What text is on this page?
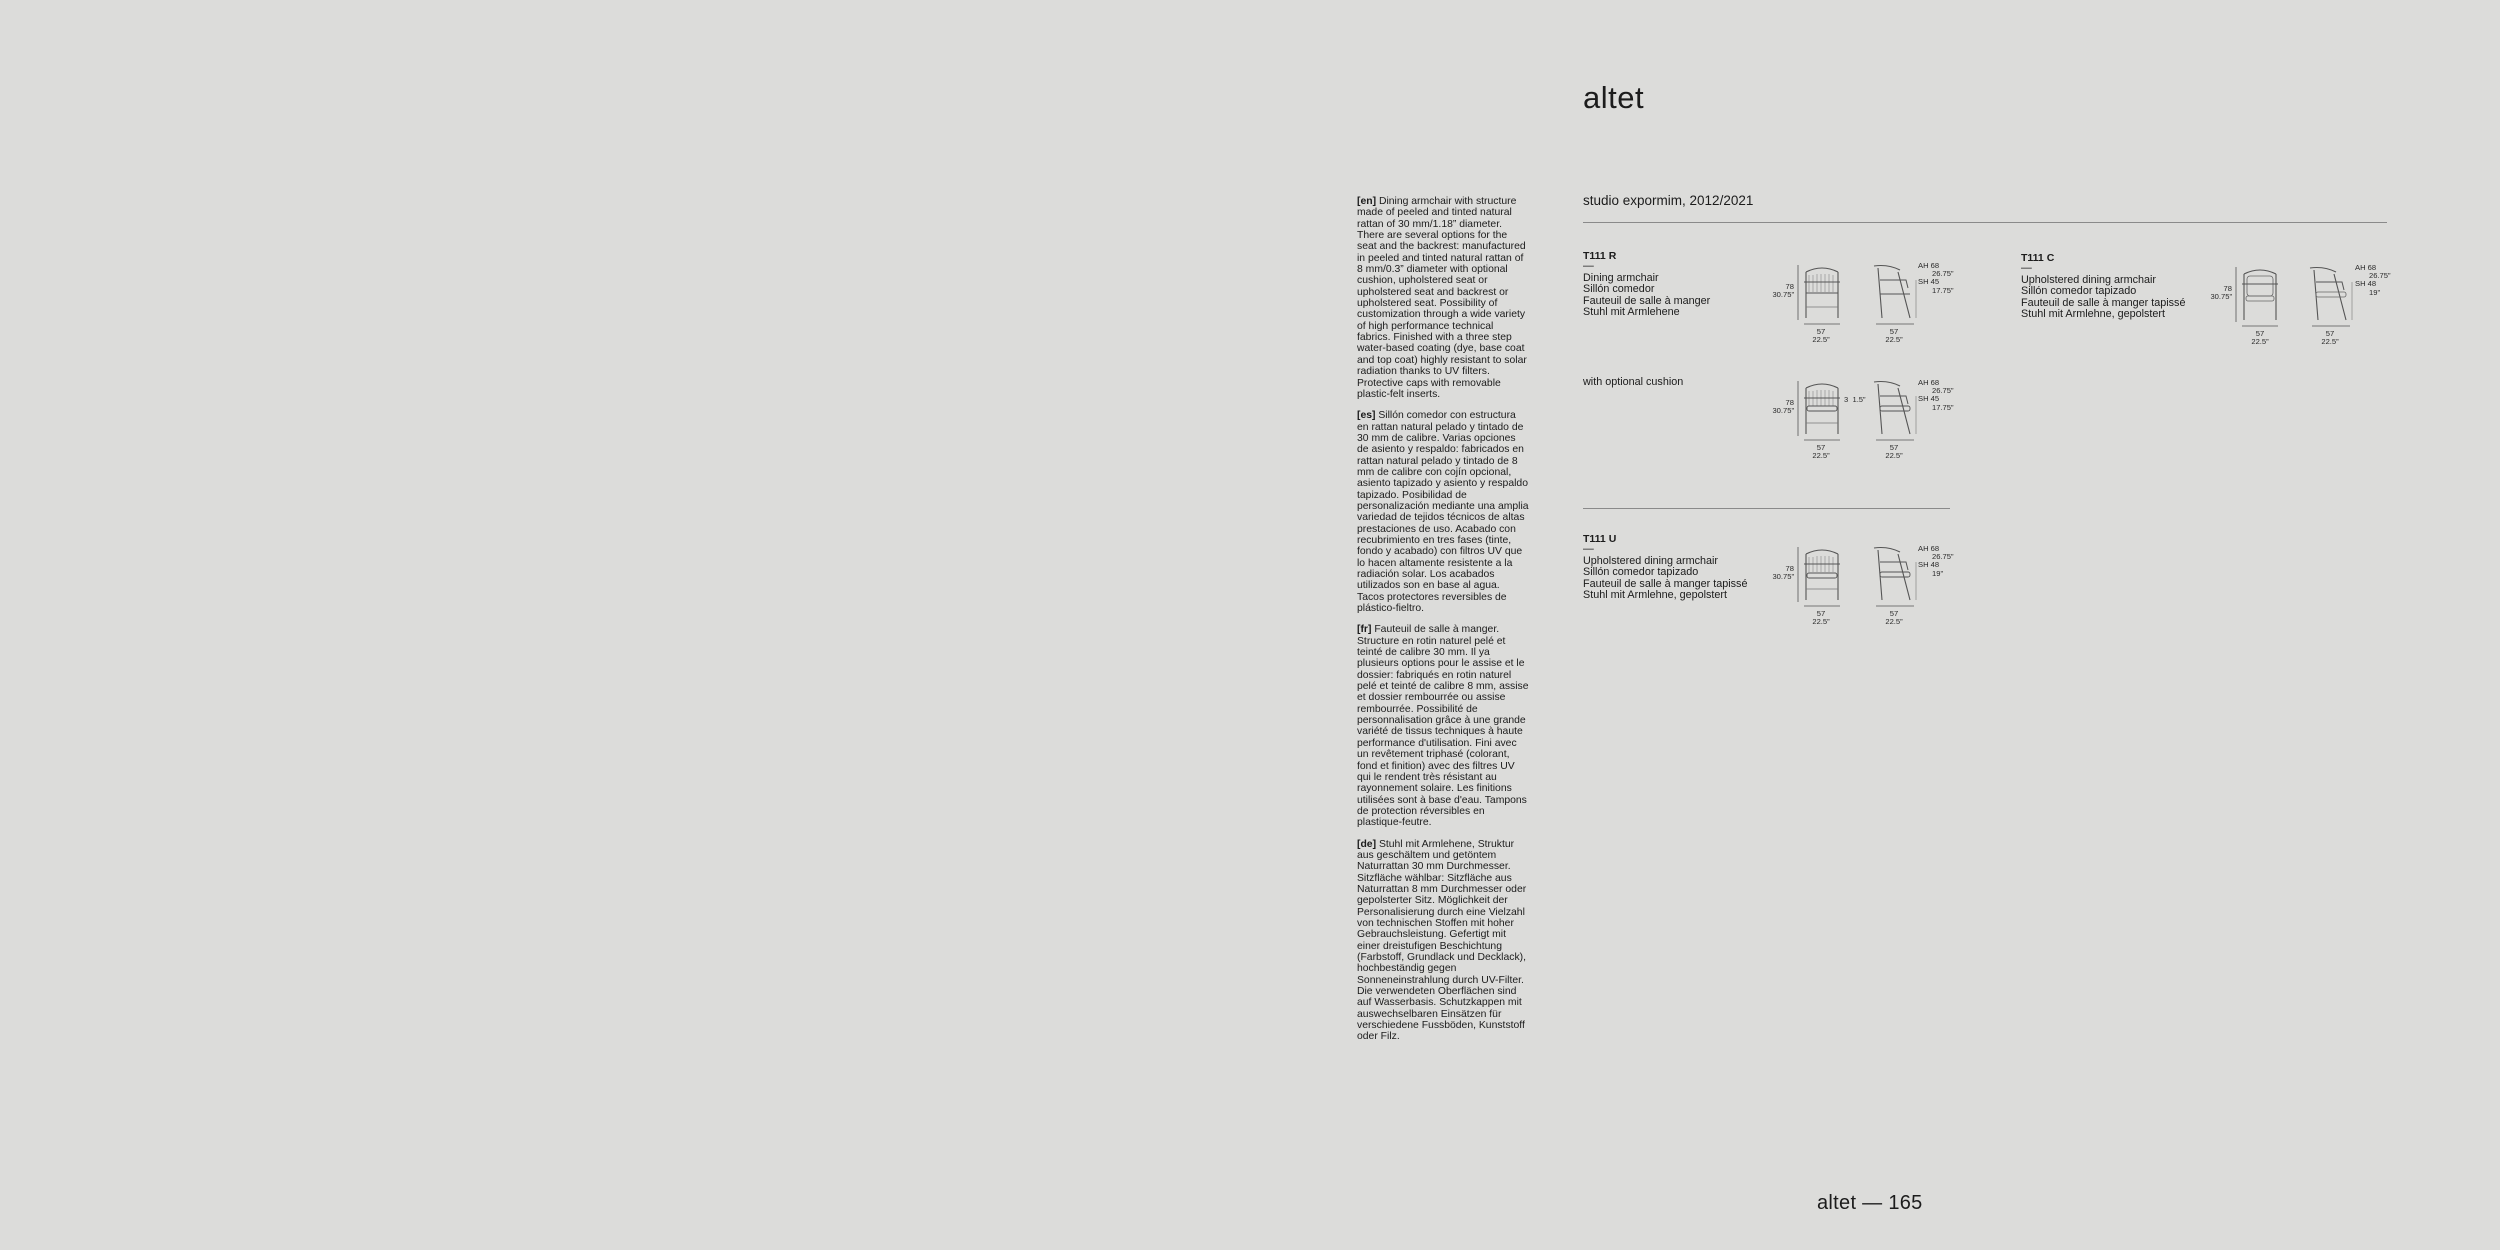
altet
studio expormim, 2012/2021

[en] Dining armchair with structure made of peeled and tinted natural rattan of 30 mm/1.18” diameter. There are several options for the seat and the backrest: manufactured in peeled and tinted natural rattan of 8 mm/0.3” diameter with optional cushion, upholstered seat or upholstered seat and backrest or upholstered seat. Possibility of customization through a wide variety of high performance technical fabrics. Finished with a three step water-based coating (dye, base coat and top coat) highly resistant to solar radiation thanks to UV filters. Protective caps with removable plastic-felt inserts.

[es] Sillón comedor con estructura en rattan natural pelado y tintado de 30 mm de calibre. Varias opciones de asiento y respaldo: fabricados en rattan natural pelado y tintado de 8 mm de calibre con cojín opcional, asiento tapizado y asiento y respaldo tapizado. Posibilidad de personalización mediante una amplia variedad de tejidos técnicos de altas prestaciones de uso. Acabado con recubrimiento en tres fases (tinte, fondo y acabado) con filtros UV que lo hacen altamente resistente a la radiación solar. Los acabados utilizados son en base al agua. Tacos protectores reversibles de plástico-fieltro.

[fr] Fauteuil de salle à manger. Structure en rotin naturel pelé et teinté de calibre 30 mm. Il ya plusieurs options pour le assise et le dossier: fabriqués en rotin naturel pelé et teinté de calibre 8 mm, assise et dossier rembourrée ou assise rembourrée. Possibilité de personnalisation grâce à une grande variété de tissus techniques à haute performance d'utilisation. Fini avec un revêtement triphasé (colorant, fond et finition) avec des filtres UV qui le rendent très résistant au rayonnement solaire. Les finitions utilisées sont à base d'eau. Tampons de protection réversibles en plastique-feutre.

[de] Stuhl mit Armlehene, Struktur aus geschältem und getöntem Naturrattan 30 mm Durchmesser. Sitzfläche wählbar: Sitzfläche aus Naturrattan 8 mm Durchmesser oder gepolsterter Sitz. Möglichkeit der Personalisierung durch eine Vielzahl von technischen Stoffen mit hoher Gebrauchsleistung. Gefertigt mit einer dreistufigen Beschichtung (Farbstoff, Grundlack und Decklack), hochbeständig gegen Sonneneinstrahlung durch UV-Filter. Die verwendeten Oberflächen sind auf Wasserbasis. Schutzkappen mit auswechselbaren Einsätzen für verschiedene Fussböden, Kunststoff oder Filz.

T111 R
—
Dining armchair
Sillón comedor
Fauteuil de salle à manger
Stuhl mit Armlehene
78
30.75”
57
22.5”
AH 68
26.75”
SH 45
17.75”
57
22.5”
T111 C
—
Upholstered dining armchair
Sillón comedor tapizado
Fauteuil de salle à manger tapissé
Stuhl mit Armlehne, gepolstert
78
30.75”
57
22.5”
AH 68
26.75”
SH 48
19”
57
22.5”
with optional cushion
78
30.75”
3 1.5”
57
22.5”
AH 68
26.75”
SH 45
17.75”
57
22.5”
T111 U
—
Upholstered dining armchair
Sillón comedor tapizado
Fauteuil de salle à manger tapissé
Stuhl mit Armlehne, gepolstert
78
30.75”
57
22.5”
AH 68
26.75”
SH 48
19”
57
22.5”
altet — 165
